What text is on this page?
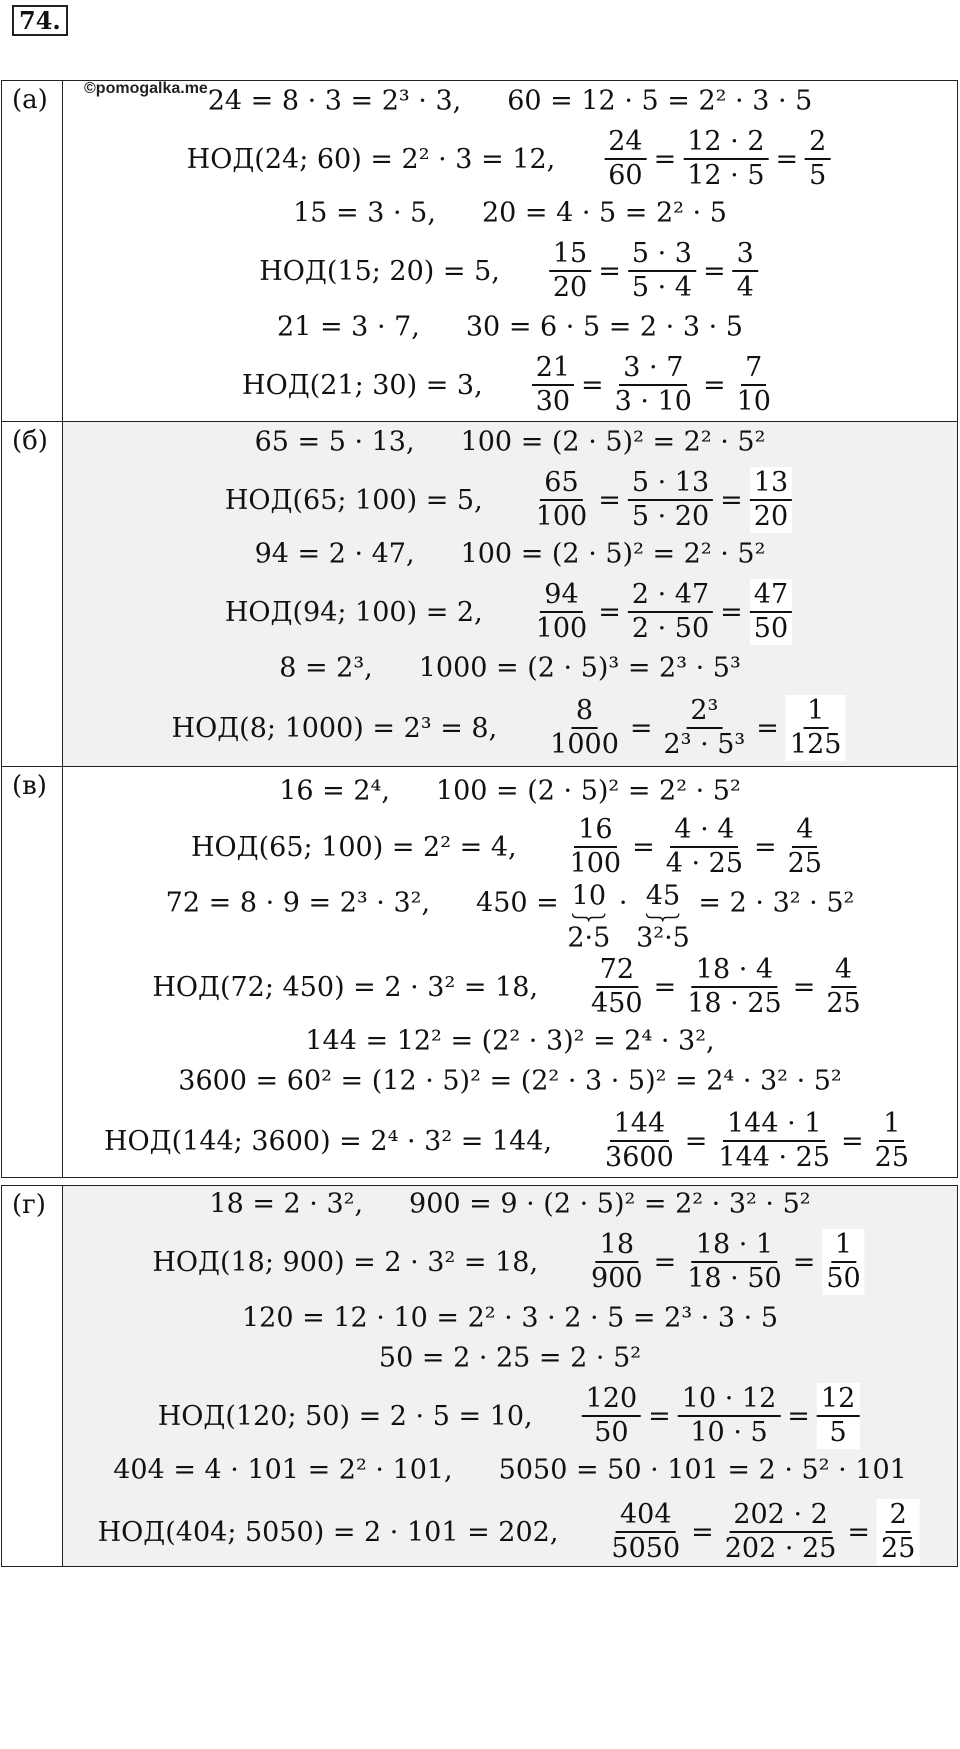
74.
©pomogalka.me
(а)	24 = 8 · 3 = 2³ · 3, 60 = 12 · 5 = 2² · 3 · 5
НОД(24; 60) = 2² · 3 = 12, $\frac{24}{60} = \frac{12 \cdot 2}{12 \cdot 5} = \frac{2}{5}$
15 = 3 · 5, 20 = 4 · 5 = 2² · 5
НОД(15; 20) = 5, $\frac{15}{20} = \frac{5 \cdot 3}{5 \cdot 4} = \frac{3}{4}$
21 = 3 · 7, 30 = 6 · 5 = 2 · 3 · 5
НОД(21; 30) = 3, $\frac{21}{30} = \frac{3 \cdot 7}{3 \cdot 10} = \frac{7}{10}$
(б)	65 = 5 · 13, 100 = (2 · 5)² = 2² · 5²
НОД(65; 100) = 5, $\frac{65}{100} = \frac{5 \cdot 13}{5 \cdot 20} = \frac{13}{20}$
94 = 2 · 47, 100 = (2 · 5)² = 2² · 5²
НОД(94; 100) = 2, $\frac{94}{100} = \frac{2 \cdot 47}{2 \cdot 50} = \frac{47}{50}$
8 = 2³, 1000 = (2 · 5)³ = 2³ · 5³
НОД(8; 1000) = 2³ = 8, $\frac{8}{1000} = \frac{\text{2³}}{\text{2³ · 5³}} = \frac{1}{125}$
(в)	16 = 2⁴, 100 = (2 · 5)² = 2² · 5²
НОД(65; 100) = 2² = 4, $\frac{16}{100} = \frac{4 \cdot 4}{4 \cdot 25} = \frac{4}{25}$
72 = 8 · 9 = 2³ · 3², 450 = 10
2·5
· 45
3²·5
= 2 · 3² · 5²
НОД(72; 450) = 2 · 3² = 18, $\frac{72}{450} = \frac{18 \cdot 4}{18 \cdot 25} = \frac{4}{25}$
144 = 12² = (2² · 3)² = 2⁴ · 3²,
3600 = 60² = (12 · 5)² = (2² · 3 · 5)² = 2⁴ · 3² · 5²
НОД(144; 3600) = 2⁴ · 3² = 144, $\frac{144}{3600} = \frac{144 \cdot 1}{144 \cdot 25} = \frac{1}{25}$
(г)	18 = 2 · 3², 900 = 9 · (2 · 5)² = 2² · 3² · 5²
НОД(18; 900) = 2 · 3² = 18, $\frac{18}{900} = \frac{18 \cdot 1}{18 \cdot 50} = \frac{1}{50}$
120 = 12 · 10 = 2² · 3 · 2 · 5 = 2³ · 3 · 5
50 = 2 · 25 = 2 · 5²
НОД(120; 50) = 2 · 5 = 10, $\frac{120}{50} = \frac{10 \cdot 12}{10 \cdot 5} = \frac{12}{5}$
404 = 4 · 101 = 2² · 101, 5050 = 50 · 101 = 2 · 5² · 101
НОД(404; 5050) = 2 · 101 = 202, $\frac{404}{5050} = \frac{202 \cdot 2}{202 \cdot 25} = \frac{2}{25}$
